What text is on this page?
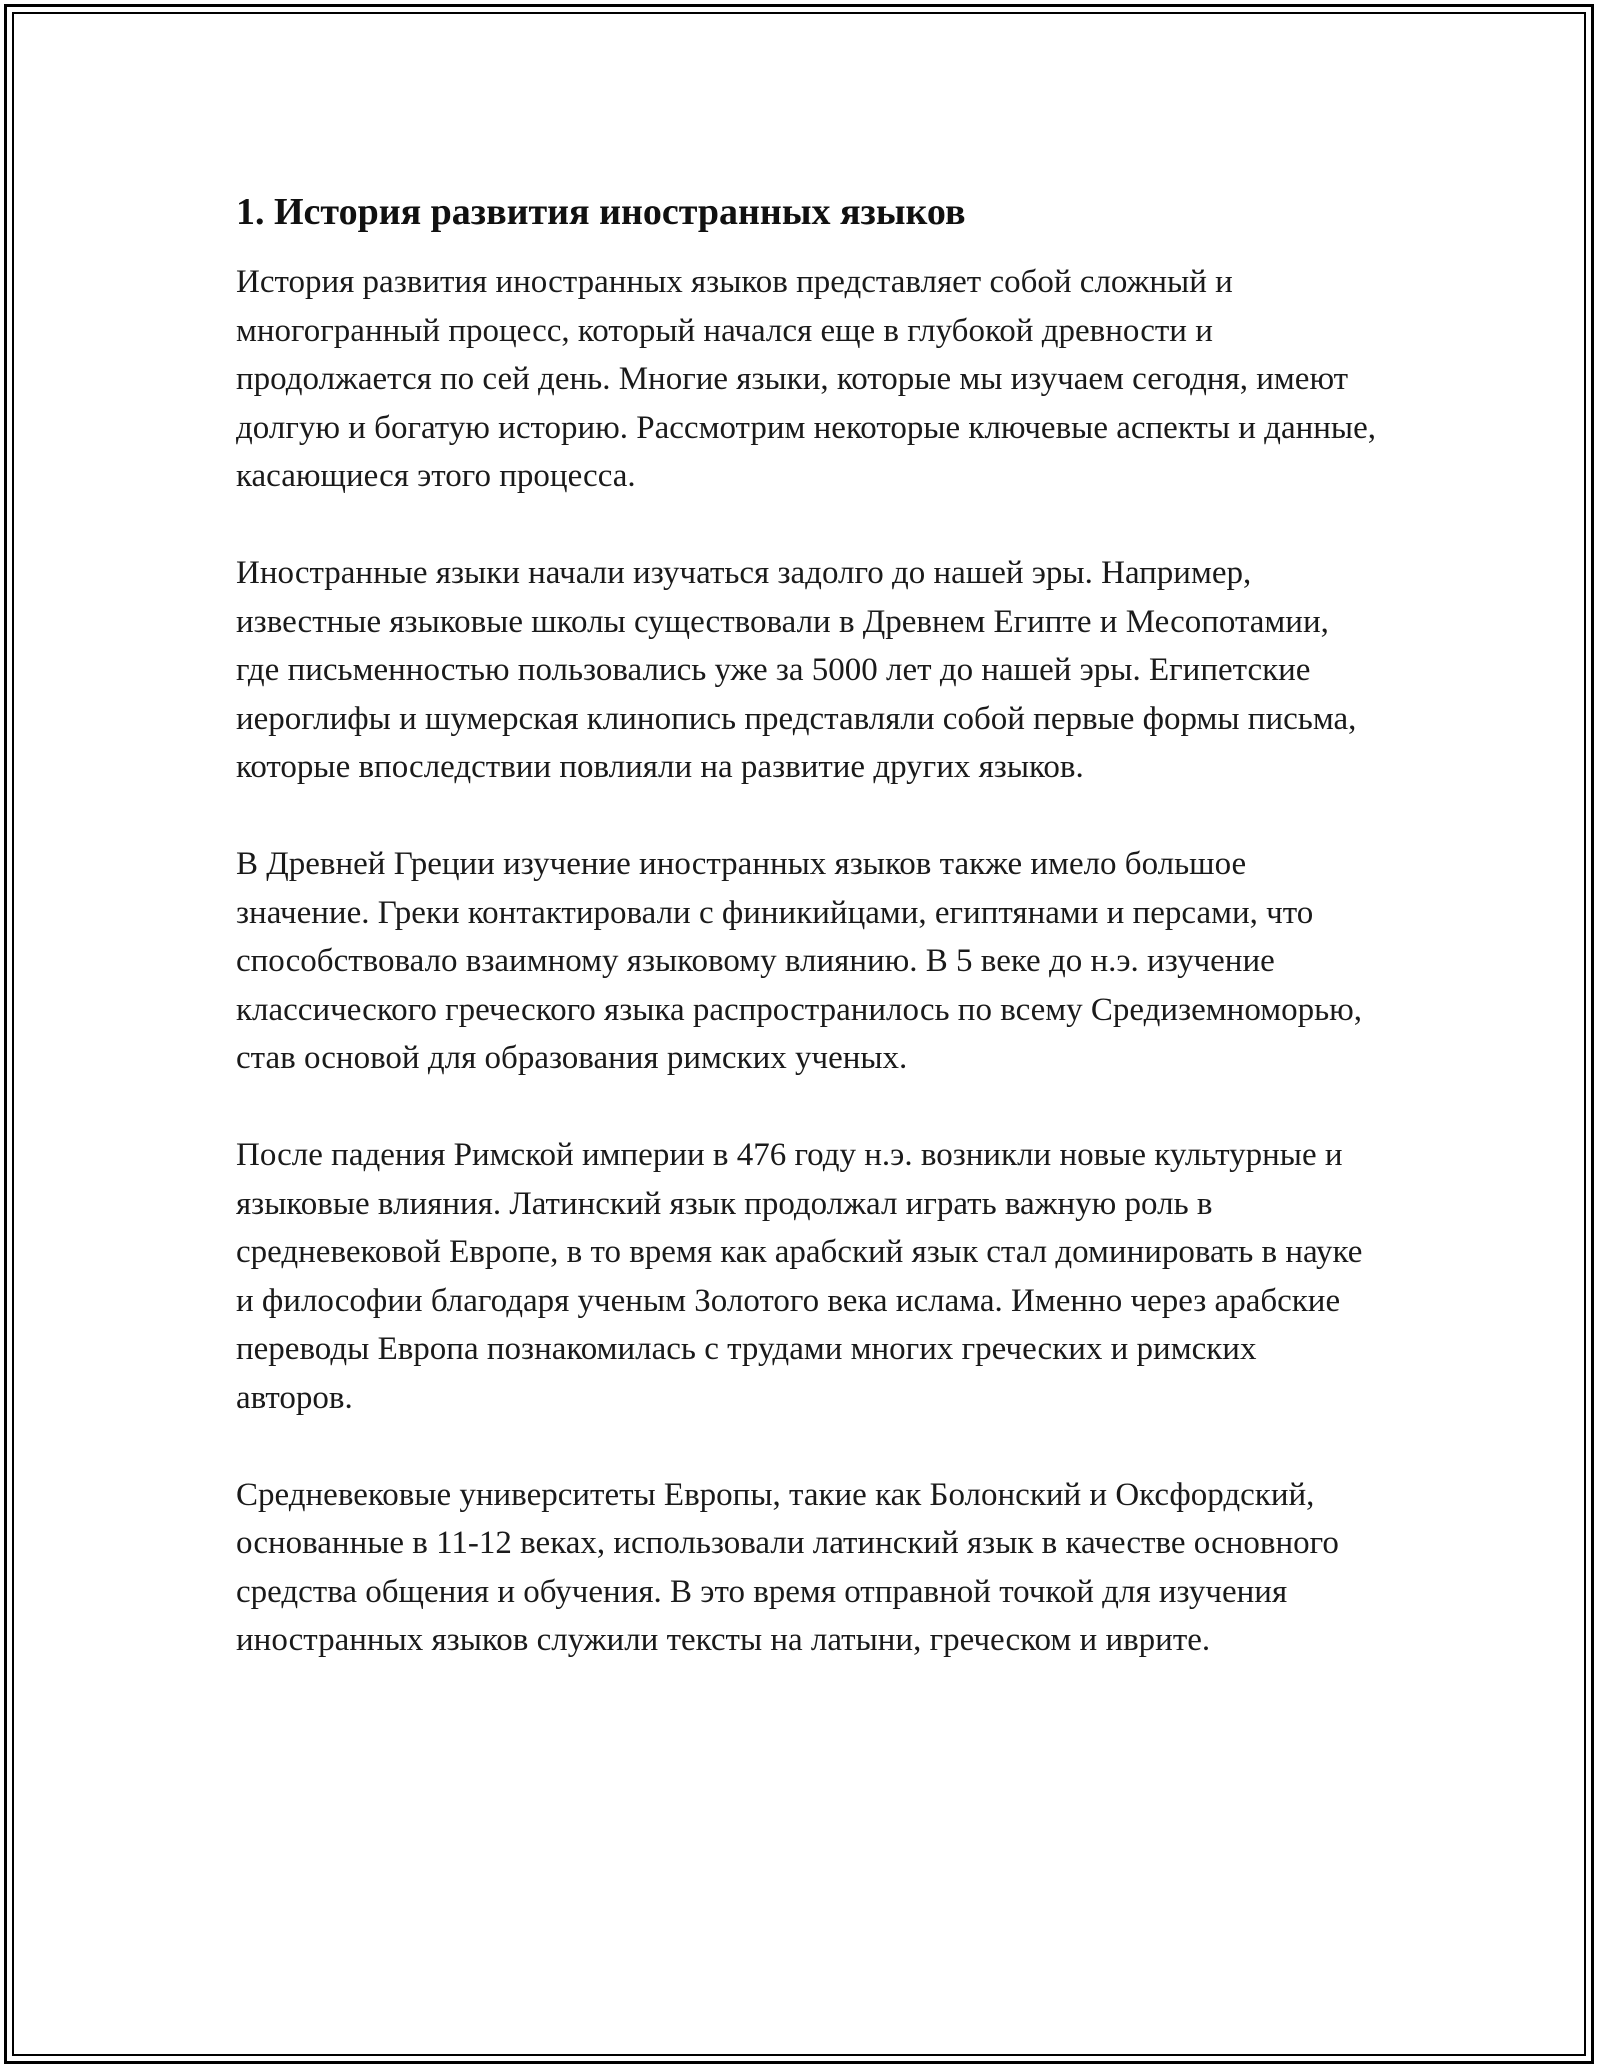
1. История развития иностранных языков

История развития иностранных языков представляет собой сложный и многогранный процесс, который начался еще в глубокой древности и продолжается по сей день. Многие языки, которые мы изучаем сегодня, имеют долгую и богатую историю. Рассмотрим некоторые ключевые аспекты и данные, касающиеся этого процесса.

Иностранные языки начали изучаться задолго до нашей эры. Например, известные языковые школы существовали в Древнем Египте и Месопотамии, где письменностью пользовались уже за 5000 лет до нашей эры. Египетские иероглифы и шумерская клинопись представляли собой первые формы письма, которые впоследствии повлияли на развитие других языков.

В Древней Греции изучение иностранных языков также имело большое значение. Греки контактировали с финикийцами, египтянами и персами, что способствовало взаимному языковому влиянию. В 5 веке до н.э. изучение классического греческого языка распространилось по всему Средиземноморью, став основой для образования римских ученых.

После падения Римской империи в 476 году н.э. возникли новые культурные и языковые влияния. Латинский язык продолжал играть важную роль в средневековой Европе, в то время как арабский язык стал доминировать в науке и философии благодаря ученым Золотого века ислама. Именно через арабские переводы Европа познакомилась с трудами многих греческих и римских авторов.

Средневековые университеты Европы, такие как Болонский и Оксфордский, основанные в 11-12 веках, использовали латинский язык в качестве основного средства общения и обучения. В это время отправной точкой для изучения иностранных языков служили тексты на латыни, греческом и иврите.
